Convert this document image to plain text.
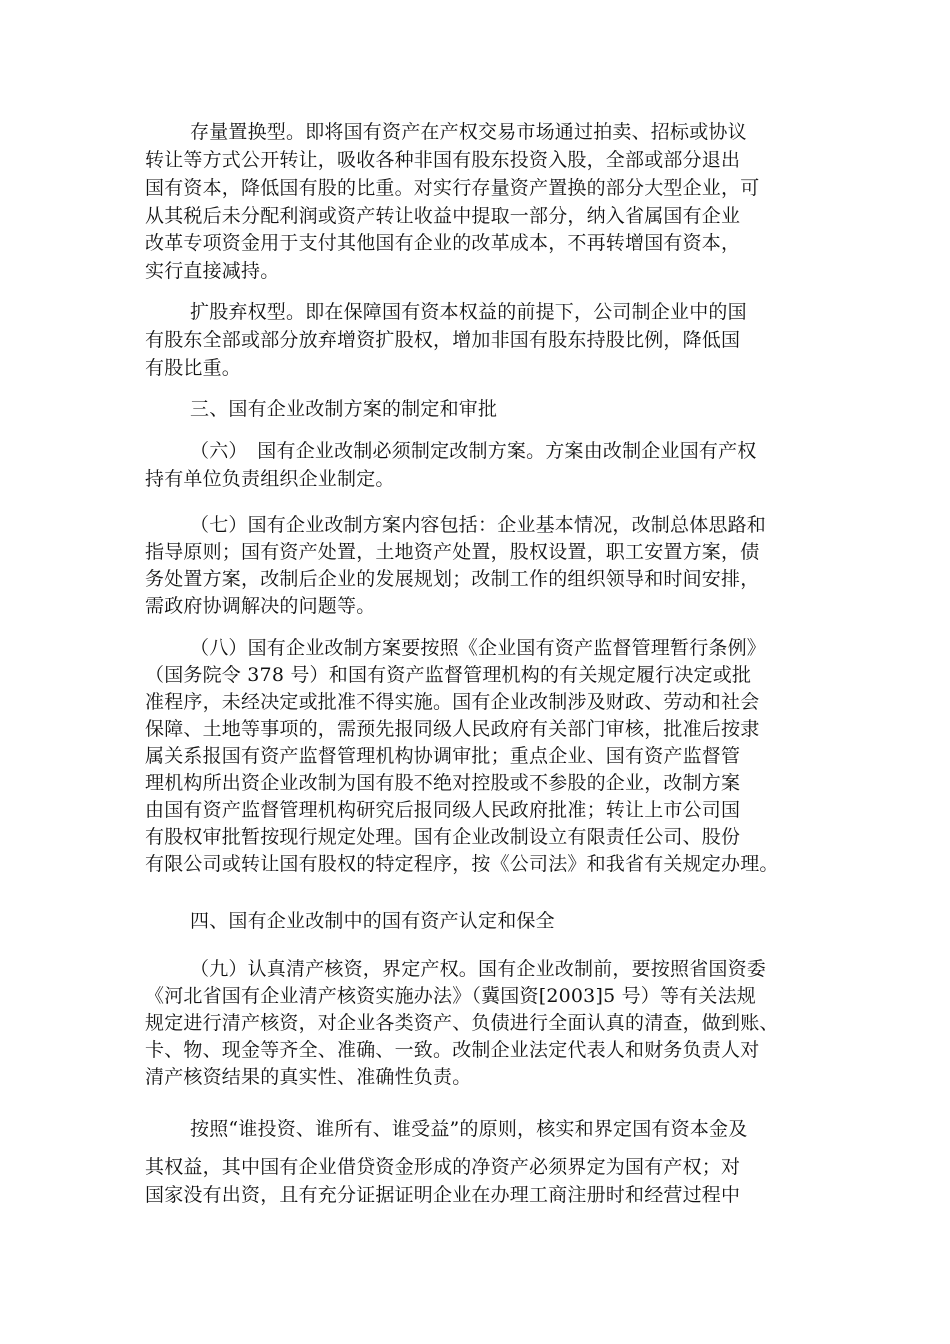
存量置换型。即将国有资产在产权交易市场通过拍卖、招标或协议
转让等方式公开转让，吸收各种非国有股东投资入股，全部或部分退出
国有资本，降低国有股的比重。对实行存量资产置换的部分大型企业，可
从其税后未分配利润或资产转让收益中提取一部分，纳入省属国有企业
改革专项资金用于支付其他国有企业的改革成本，不再转增国有资本，
实行直接减持。
扩股弃权型。即在保障国有资本权益的前提下，公司制企业中的国
有股东全部或部分放弃增资扩股权，增加非国有股东持股比例，降低国
有股比重。
三、国有企业改制方案的制定和审批
（六）　国有企业改制必须制定改制方案。方案由改制企业国有产权
持有单位负责组织企业制定。
（七）国有企业改制方案内容包括：企业基本情况，改制总体思路和
指导原则；国有资产处置，土地资产处置，股权设置，职工安置方案，债
务处置方案，改制后企业的发展规划；改制工作的组织领导和时间安排，
需政府协调解决的问题等。
（八）国有企业改制方案要按照《企业国有资产监督管理暂行条例》
（国务院令 378 号）和国有资产监督管理机构的有关规定履行决定或批
准程序，未经决定或批准不得实施。国有企业改制涉及财政、劳动和社会
保障、土地等事项的，需预先报同级人民政府有关部门审核，批准后按隶
属关系报国有资产监督管理机构协调审批；重点企业、国有资产监督管
理机构所出资企业改制为国有股不绝对控股或不参股的企业，改制方案
由国有资产监督管理机构研究后报同级人民政府批准；转让上市公司国
有股权审批暂按现行规定处理。国有企业改制设立有限责任公司、股份
有限公司或转让国有股权的特定程序，按《公司法》和我省有关规定办理。
四、国有企业改制中的国有资产认定和保全
（九）认真清产核资，界定产权。国有企业改制前，要按照省国资委
《河北省国有企业清产核资实施办法》（冀国资[2003]5 号）等有关法规
规定进行清产核资，对企业各类资产、负债进行全面认真的清查，做到账、
卡、物、现金等齐全、准确、一致。改制企业法定代表人和财务负责人对
清产核资结果的真实性、准确性负责。
按照“谁投资、谁所有、谁受益”的原则，核实和界定国有资本金及
其权益，其中国有企业借贷资金形成的净资产必须界定为国有产权；对
国家没有出资，且有充分证据证明企业在办理工商注册时和经营过程中
